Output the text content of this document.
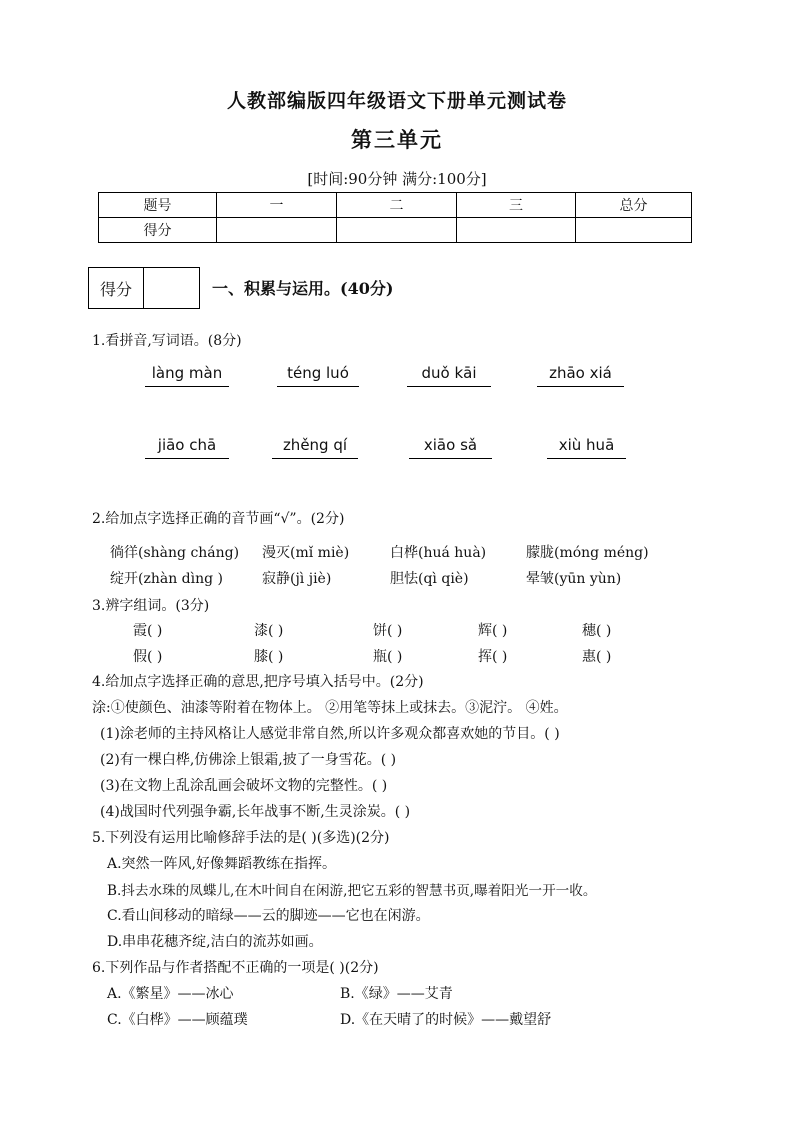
人教部编版四年级语文下册单元测试卷
第三单元
[时间:90分钟 满分:100分]
题号	一	二	三	总分
得分				
得分	一、积累与运用。(40分)
1.看拼音,写词语。(8分)
làng màn	téng luó	duǒ kāi	zhāo xiá
jiāo chā	zhěng qí	xiāo sǎ	xiù huā
2.给加点字选择正确的音节画“√”。(2分)
徜徉(shàng cháng) 漫灭(mǐ miè)	白桦(huá huà)	朦胧(móng méng)
绽开(zhàn dìng )	寂静(jì jiè)	胆怯(qì qiè)	晕皱(yūn yùn)
3.辨字组词。(3分)
霞( )	漆( )	饼( )	辉( )	穗( )
假( )	膝( )	瓶( )	挥( )	惠( )
4.给加点字选择正确的意思,把序号填入括号中。(2分)
涂:①使颜色、油漆等附着在物体上。 ②用笔等抹上或抹去。③泥泞。 ④姓。
(1)涂老师的主持风格让人感觉非常自然,所以许多观众都喜欢她的节目。( )
(2)有一棵白桦,仿佛涂上银霜,披了一身雪花。( )
(3)在文物上乱涂乱画会破坏文物的完整性。( )
(4)战国时代列强争霸,长年战事不断,生灵涂炭。( )
5.下列没有运用比喻修辞手法的是( )(多选)(2分)
A.突然一阵风,好像舞蹈教练在指挥。
B.抖去水珠的凤蝶儿,在木叶间自在闲游,把它五彩的智慧书页,曝着阳光一开一收。
C.看山间移动的暗绿——云的脚迹——它也在闲游。
D.串串花穗齐绽,洁白的流苏如画。
6.下列作品与作者搭配不正确的一项是( )(2分)
A.《繁星》——冰心	B.《绿》——艾青
C.《白桦》——顾蕴璞	D.《在天晴了的时候》——戴望舒
